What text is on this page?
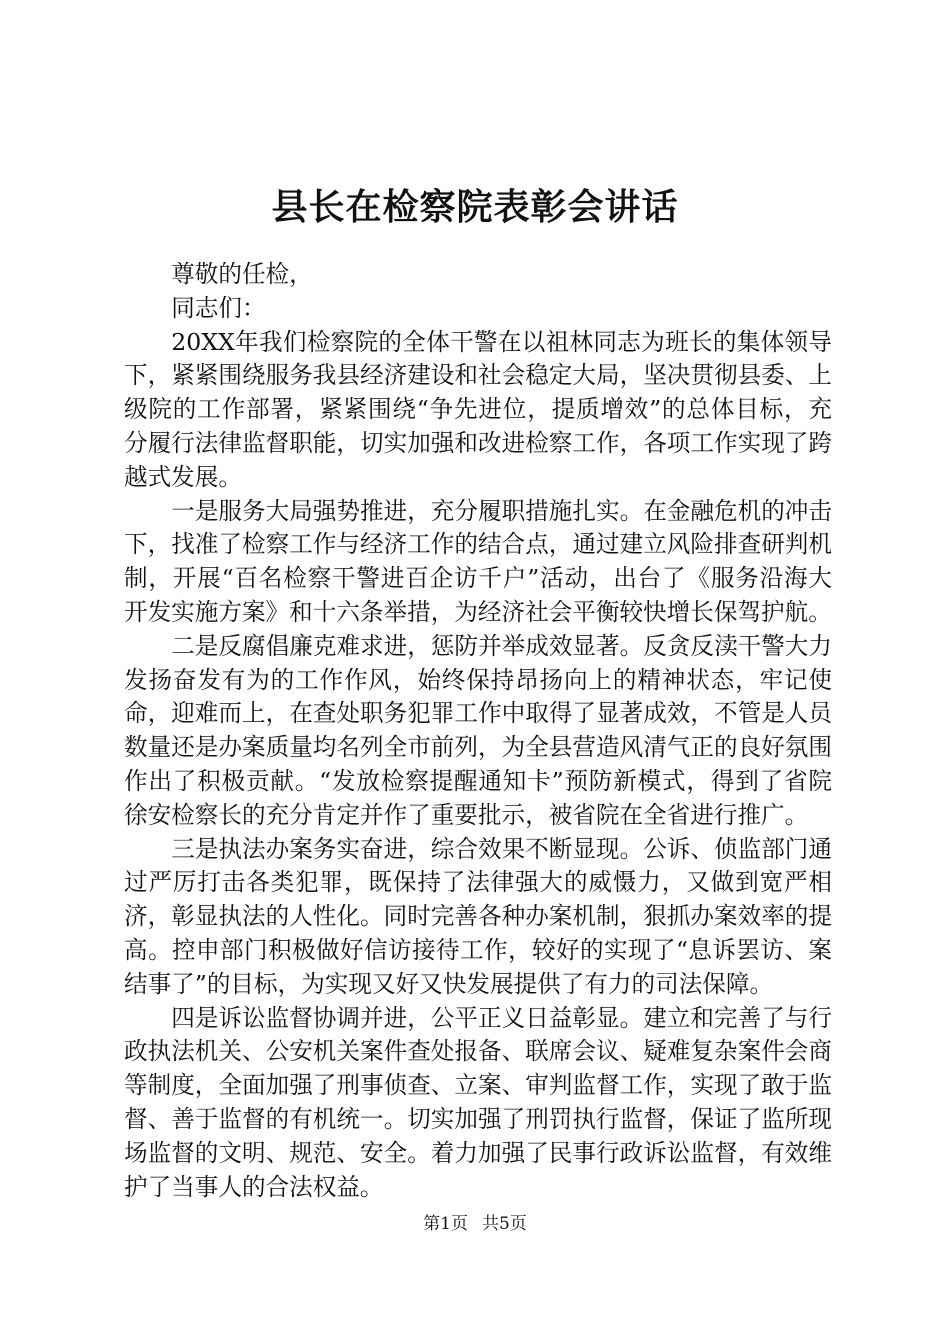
县长在检察院表彰会讲话

尊敬的任检，

同志们：

20XX年我们检察院的全体干警在以祖林同志为班长的集体领导下，紧紧围绕服务我县经济建设和社会稳定大局，坚决贯彻县委、上级院的工作部署，紧紧围绕“争先进位，提质增效”的总体目标，充分履行法律监督职能，切实加强和改进检察工作，各项工作实现了跨越式发展。

一是服务大局强势推进，充分履职措施扎实。在金融危机的冲击下，找准了检察工作与经济工作的结合点，通过建立风险排查研判机制，开展“百名检察干警进百企访千户”活动，出台了《服务沿海大开发实施方案》和十六条举措，为经济社会平衡较快增长保驾护航。

二是反腐倡廉克难求进，惩防并举成效显著。反贪反渎干警大力发扬奋发有为的工作作风，始终保持昂扬向上的精神状态，牢记使命，迎难而上，在查处职务犯罪工作中取得了显著成效，不管是人员数量还是办案质量均名列全市前列，为全县营造风清气正的良好氛围作出了积极贡献。“发放检察提醒通知卡”预防新模式，得到了省院徐安检察长的充分肯定并作了重要批示，被省院在全省进行推广。

三是执法办案务实奋进，综合效果不断显现。公诉、侦监部门通过严厉打击各类犯罪，既保持了法律强大的威慑力，又做到宽严相济，彰显执法的人性化。同时完善各种办案机制，狠抓办案效率的提高。控申部门积极做好信访接待工作，较好的实现了“息诉罢访、案结事了”的目标，为实现又好又快发展提供了有力的司法保障。

四是诉讼监督协调并进，公平正义日益彰显。建立和完善了与行政执法机关、公安机关案件查处报备、联席会议、疑难复杂案件会商等制度，全面加强了刑事侦查、立案、审判监督工作，实现了敢于监督、善于监督的有机统一。切实加强了刑罚执行监督，保证了监所现场监督的文明、规范、安全。着力加强了民事行政诉讼监督，有效维护了当事人的合法权益。

第1页 共5页
